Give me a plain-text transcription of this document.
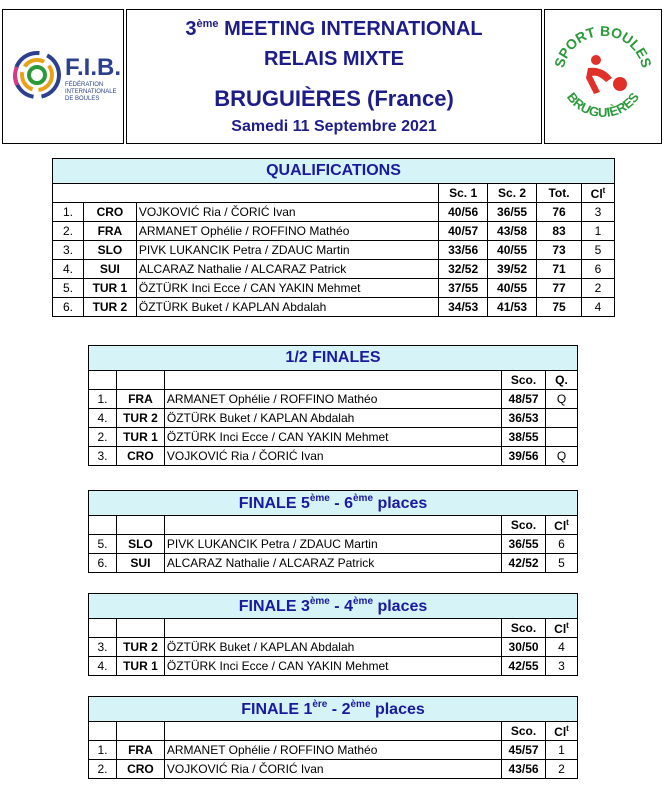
F.I.B.
FÉDÉRATION
INTERNATIONALE
DE BOULES
3ème MEETING INTERNATIONAL
RELAIS MIXTE
BRUGUIÈRES (France)
Samedi 11 Septembre 2021
SPORT BOULES
BRUGUIÈRES
QUALIFICATIONS						
			Sc. 1	Sc. 2	Tot.	Cl$^t$
1.	CRO	VOJKOVIĆ Ria / ČORIĆ Ivan	40/56	36/55	76	3
2.	FRA	ARMANET Ophélie / ROFFINO Mathéo	40/57	43/58	83	1
3.	SLO	PIVK LUKANCIK Petra / ZDAUC Martin	33/56	40/55	73	5
4.	SUI	ALCARAZ Nathalie / ALCARAZ Patrick	32/52	39/52	71	6
5.	TUR 1	ÖZTÜRK Inci Ecce / CAN YAKIN Mehmet	37/55	40/55	77	2
6.	TUR 2	ÖZTÜRK Buket / KAPLAN Abdalah	34/53	41/53	75	4
1/2 FINALES				
			Sco.	Q.
1.	FRA	ARMANET Ophélie / ROFFINO Mathéo	48/57	Q
4.	TUR 2	ÖZTÜRK Buket / KAPLAN Abdalah	36/53	
2.	TUR 1	ÖZTÜRK Inci Ecce / CAN YAKIN Mehmet	38/55	
3.	CRO	VOJKOVIĆ Ria / ČORIĆ Ivan	39/56	Q
FINALE 5ème - 6ème places				
			Sco.	Cl$^t$
5.	SLO	PIVK LUKANCIK Petra / ZDAUC Martin	36/55	6
6.	SUI	ALCARAZ Nathalie / ALCARAZ Patrick	42/52	5
FINALE 3ème - 4ème places				
			Sco.	Cl$^t$
3.	TUR 2	ÖZTÜRK Buket / KAPLAN Abdalah	30/50	4
4.	TUR 1	ÖZTÜRK Inci Ecce / CAN YAKIN Mehmet	42/55	3
FINALE 1ère - 2ème places				
			Sco.	Cl$^t$
1.	FRA	ARMANET Ophélie / ROFFINO Mathéo	45/57	1
2.	CRO	VOJKOVIĆ Ria / ČORIĆ Ivan	43/56	2
